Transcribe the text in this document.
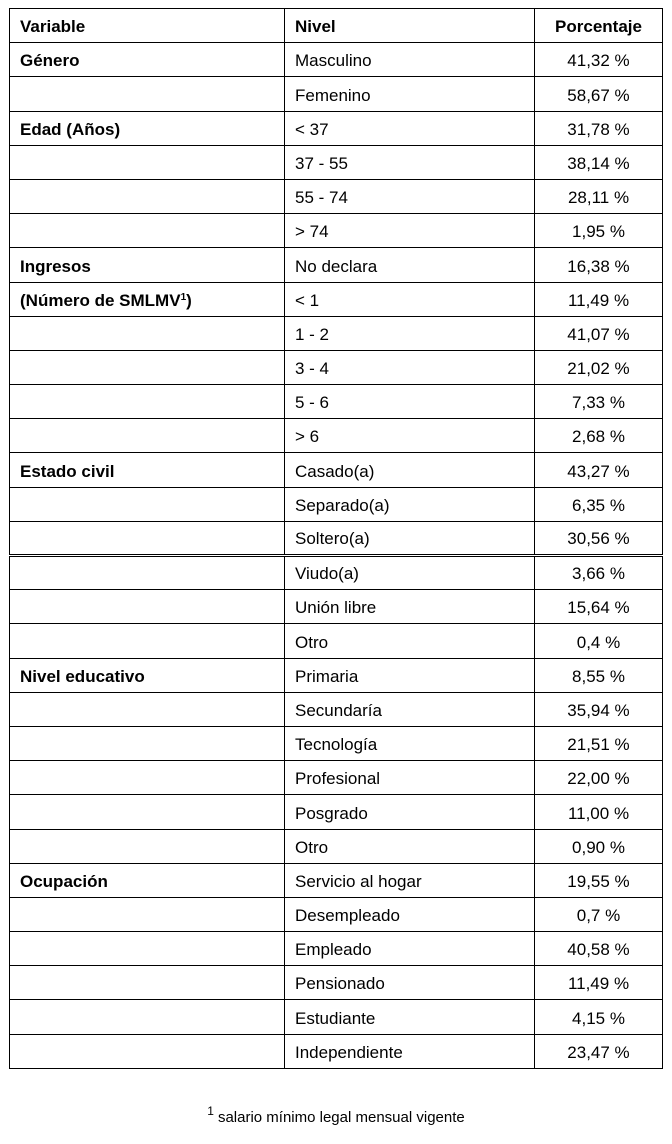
Variable	Nivel	Porcentaje
Género	Masculino	41,32 %
	Femenino	58,67 %
Edad (Años)	< 37	31,78 %
	37 - 55	38,14 %
	55 - 74	28,11 %
	> 74	1,95 %
Ingresos	No declara	16,38 %
(Número de $SMLMV^1$)	< 1	11,49 %
	1 - 2	41,07 %
	3 - 4	21,02 %
	5 - 6	7,33 %
	> 6	2,68 %
Estado civil	Casado(a)	43,27 %
	Separado(a)	6,35 %
	Soltero(a)	30,56 %
	Viudo(a)	3,66 %
	Unión libre	15,64 %
	Otro	0,4 %
Nivel educativo	Primaria	8,55 %
	Secundaría	35,94 %
	Tecnología	21,51 %
	Profesional	22,00 %
	Posgrado	11,00 %
	Otro	0,90 %
Ocupación	Servicio al hogar	19,55 %
	Desempleado	0,7 %
	Empleado	40,58 %
	Pensionado	11,49 %
	Estudiante	4,15 %
	Independiente	23,47 %
$^1$ salario mínimo legal mensual vigente
